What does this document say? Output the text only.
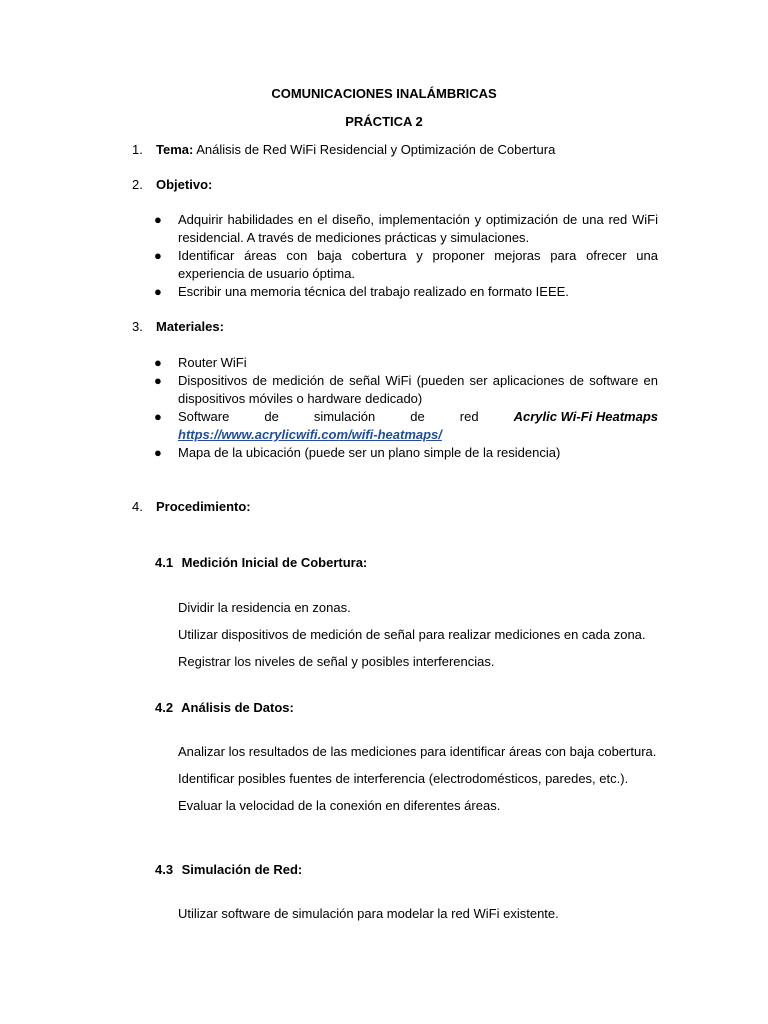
COMUNICACIONES INALÁMBRICAS
PRÁCTICA 2
1. Tema: Análisis de Red WiFi Residencial y Optimización de Cobertura
2. Objetivo:
● Adquirir habilidades en el diseño, implementación y optimización de una red WiFi residencial. A través de mediciones prácticas y simulaciones.
● Identificar áreas con baja cobertura y proponer mejoras para ofrecer una experiencia de usuario óptima.
● Escribir una memoria técnica del trabajo realizado en formato IEEE.
3. Materiales:
● Router WiFi
● Dispositivos de medición de señal WiFi (pueden ser aplicaciones de software en dispositivos móviles o hardware dedicado)
● Software	de	simulación	de	red	Acrylic Wi-Fi Heatmaps
https://www.acrylicwifi.com/wifi-heatmaps/
● Mapa de la ubicación (puede ser un plano simple de la residencia)
4. Procedimiento:
4.1 Medición Inicial de Cobertura:
Dividir la residencia en zonas.
Utilizar dispositivos de medición de señal para realizar mediciones en cada zona.
Registrar los niveles de señal y posibles interferencias.
4.2 Análisis de Datos:
Analizar los resultados de las mediciones para identificar áreas con baja cobertura.
Identificar posibles fuentes de interferencia (electrodomésticos, paredes, etc.).
Evaluar la velocidad de la conexión en diferentes áreas.
4.3 Simulación de Red:
Utilizar software de simulación para modelar la red WiFi existente.
